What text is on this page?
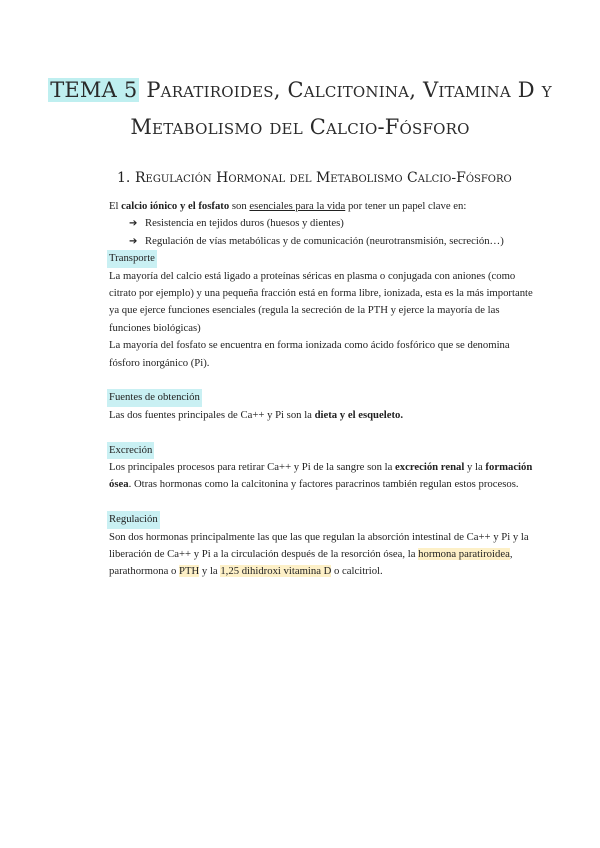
TEMA 5 Paratiroides, Calcitonina, Vitamina D y
Metabolismo del Calcio-Fósforo
1. Regulación Hormonal del Metabolismo Calcio-Fósforo

El calcio iónico y el fosfato son esenciales para la vida por tener un papel clave en:

➔ Resistencia en tejidos duros (huesos y dientes)
➔ Regulación de vías metabólicas y de comunicación (neurotransmisión, secreción…)

Transporte

La mayoría del calcio está ligado a proteínas séricas en plasma o conjugada con aniones (como citrato por ejemplo) y una pequeña fracción está en forma libre, ionizada, esta es la más importante ya que ejerce funciones esenciales (regula la secreción de la PTH y ejerce la mayoría de las funciones biológicas)

La mayoría del fosfato se encuentra en forma ionizada como ácido fosfórico que se denomina fósforo inorgánico (Pi).

Fuentes de obtención

Las dos fuentes principales de Ca++ y Pi son la dieta y el esqueleto.

Excreción

Los principales procesos para retirar Ca++ y Pi de la sangre son la excreción renal y la formación ósea. Otras hormonas como la calcitonina y factores paracrinos también regulan estos procesos.

Regulación

Son dos hormonas principalmente las que las que regulan la absorción intestinal de Ca++ y Pi y la liberación de Ca++ y Pi a la circulación después de la resorción ósea, la hormona paratiroidea, parathormona o PTH y la 1,25 dihidroxi vitamina D o calcitriol.
